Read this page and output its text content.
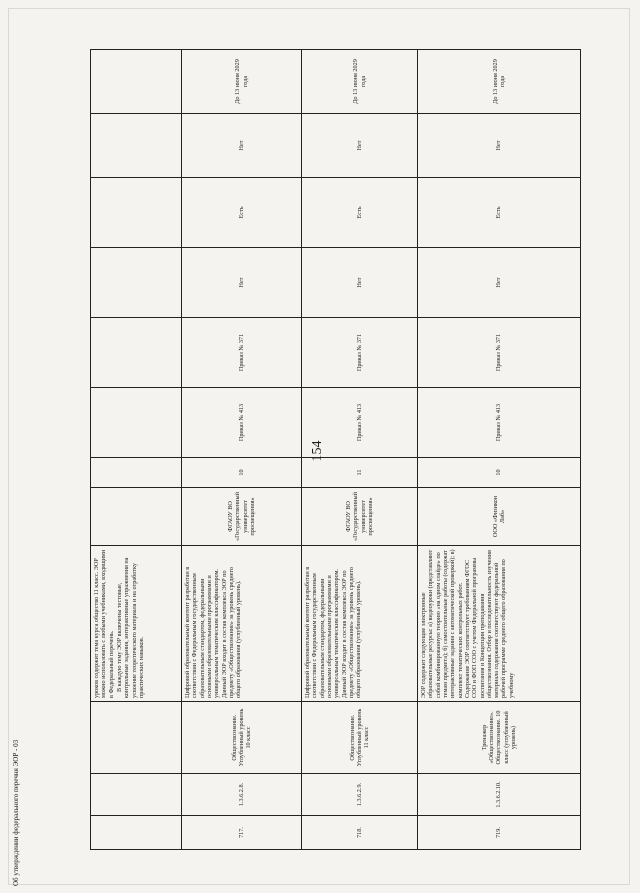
154

			уроков содержит тема курса общество 11 класс. ЭОР можно использовать с любыми учебниками, входящими в Федеральный перечень. В каждую тему ЭОР включены тестовые, контрольные задания, интерактивные упражнения на усвоение теоретического материала и на отработку практических навыков.								

717.	1.3.6.2.8.	Обществознание. Углубленный уровень 10 класс	Цифровой образовательный контент разработан в соответствии с Федеральным государственным образовательным стандартом, федеральными основными образовательными программами и универсальным тематическим классификатором. Данный ЭОР входит в состав комплекса ЭОР по предмету «Обществознание» за уровень среднего общего образования (углубленный уровень).	ФГАОУ ВО «Государственный университет просвещения»	10	Приказ № 413	Приказ № 371	Нет	Есть	Нет	До 13 июня 2029 года
718.	1.3.6.2.9.	Обществознание. Углубленный уровень 11 класс	Цифровой образовательный контент разработан в соответствии с Федеральным государственным образовательным стандартом, федеральными основными образовательными программами и универсальным тематическим классификатором. Данный ЭОР входит в состав комплекса ЭОР по предмету «Обществознание» за уровень среднего общего образования (углубленный уровень).	ФГАОУ ВО «Государственный университет просвещения»	11	Приказ № 413	Приказ № 371	Нет	Есть	Нет	До 13 июня 2029 года
719.	1.3.6.2.10.	Тренажер «Обществознание». Обществознание. 10 класс (углубленный уровень)	ЭОР содержит следующие электронные образовательные ресурсы: а) видеоуроки (представляют собой комбинированную теорию «на одном слайде» по темам предмета); б) самостоятельные работы (содержат интерактивные задания с автоматической проверкой); в) комплект тематических контрольных работ. Содержание ЭОР соответствует требованиям ФГОС СОО и ФОП СОО с учетом Федеральной программы воспитания и Концепции преподавания обществознания. Отбор и последовательность изучения материала содержания соответствуют федеральной рабочей программе среднего общего образования по учебному	ООО «Физикон Лаб»	10	Приказ № 413	Приказ № 371	Нет	Есть	Нет	До 13 июня 2029 года
Об утверждении федерального перечня ЭОР - 03
